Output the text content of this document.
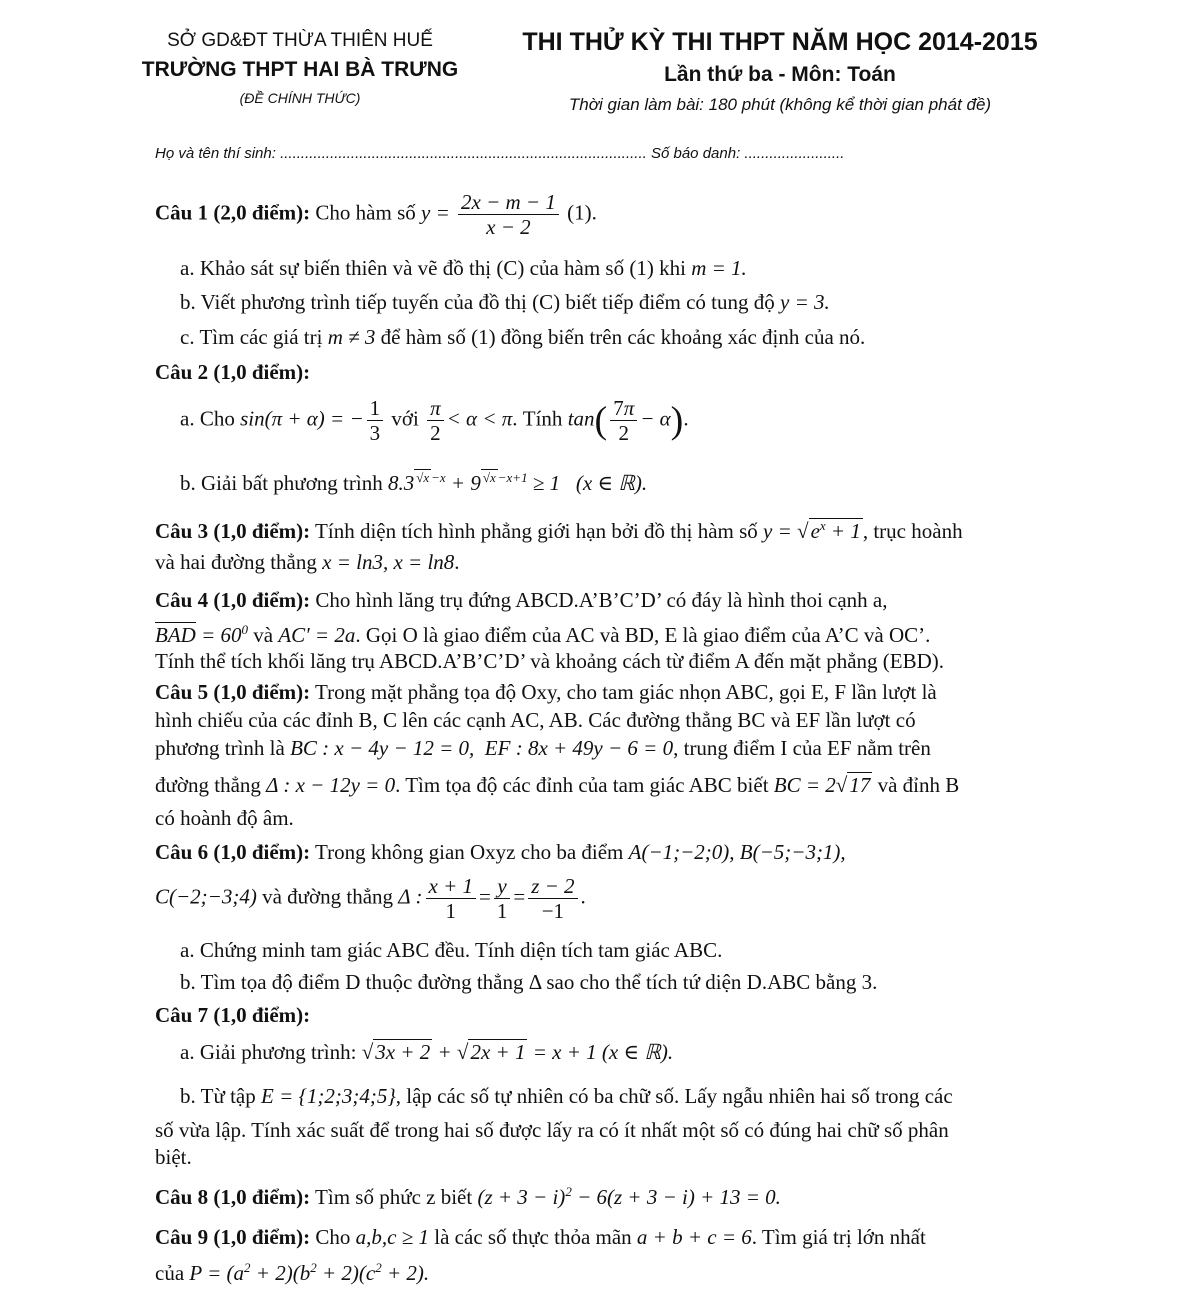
SỞ GD&ĐT THỪA THIÊN HUẾ
TRƯỜNG THPT HAI BÀ TRƯNG
(ĐỀ CHÍNH THỨC)
THI THỬ KỲ THI THPT NĂM HỌC 2014-2015
Lần thứ ba - Môn: Toán
Thời gian làm bài: 180 phút (không kể thời gian phát đề)
Họ và tên thí sinh: ........................................................................................ Số báo danh: ........................
Câu 1 (2,0 điểm): Cho hàm số $y = \frac{2x - m - 1}{x - 2} (1)$.
a. Khảo sát sự biến thiên và vẽ đồ thị (C) của hàm số (1) khi m = 1.
b. Viết phương trình tiếp tuyến của đồ thị (C) biết tiếp điểm có tung độ y = 3.
c. Tìm các giá trị m ≠ 3 để hàm số (1) đồng biến trên các khoảng xác định của nó.
Câu 2 (1,0 điểm):
a. Cho sin(π + α) = − $\frac{1}{3}$ với $\frac{\pi}{2} < \alpha < \pi$. Tính $\tan( \frac{7\pi}{2} - \alpha)$.
b. Giải bất phương trình 8.3 $^{√x -x}$ + 9 $^{√x -x+1}$ ≥ 1   (x ∈ ℝ).
Câu 3 (1,0 điểm): Tính diện tích hình phẳng giới hạn bởi đồ thị hàm số $y = √e^x + 1$, trục hoành
và hai đường thẳng x = ln3, x = ln8.
Câu 4 (1,0 điểm): Cho hình lăng trụ đứng ABCD.A’B’C’D’ có đáy là hình thoi cạnh a,
BAD = $60^0$ và AC' = 2a. Gọi O là giao điểm của AC và BD, E là giao điểm của A’C và OC’.
Tính thể tích khối lăng trụ ABCD.A’B’C’D’ và khoảng cách từ điểm A đến mặt phẳng (EBD).
Câu 5 (1,0 điểm): Trong mặt phẳng tọa độ Oxy, cho tam giác nhọn ABC, gọi E, F lần lượt là
hình chiếu của các đỉnh B, C lên các cạnh AC, AB. Các đường thẳng BC và EF lần lượt có
phương trình là BC : x − 4y − 12 = 0,  EF : 8x + 49y − 6 = 0, trung điểm I của EF nằm trên
đường thẳng Δ : x − 12y = 0. Tìm tọa độ các đỉnh của tam giác ABC biết BC = 2√17 và đỉnh B
có hoành độ âm.
Câu 6 (1,0 điểm): Trong không gian Oxyz cho ba điểm A(−1;−2;0), B(−5;−3;1),
C(−2;−3;4) và đường thẳng Δ : $\frac{x + 1}{1} = \frac{y}{1} = \frac{z - 2}{-1}$ .
a. Chứng minh tam giác ABC đều. Tính diện tích tam giác ABC.
b. Tìm tọa độ điểm D thuộc đường thẳng Δ sao cho thể tích tứ diện D.ABC bằng 3.
Câu 7 (1,0 điểm):
a. Giải phương trình: √3x + 2 + √2x + 1 = x + 1 (x ∈ ℝ).
b. Từ tập E = {1;2;3;4;5}, lập các số tự nhiên có ba chữ số. Lấy ngẫu nhiên hai số trong các
số vừa lập. Tính xác suất để trong hai số được lấy ra có ít nhất một số có đúng hai chữ số phân
biệt.
Câu 8 (1,0 điểm): Tìm số phức z biết $(z + 3 - i)^2 - 6(z + 3 - i) + 13 = 0$.
Câu 9 (1,0 điểm): Cho a,b,c ≥ 1 là các số thực thỏa mãn a + b + c = 6. Tìm giá trị lớn nhất
của $P = (a^2 + 2)(b^2 + 2)(c^2 + 2)$.
